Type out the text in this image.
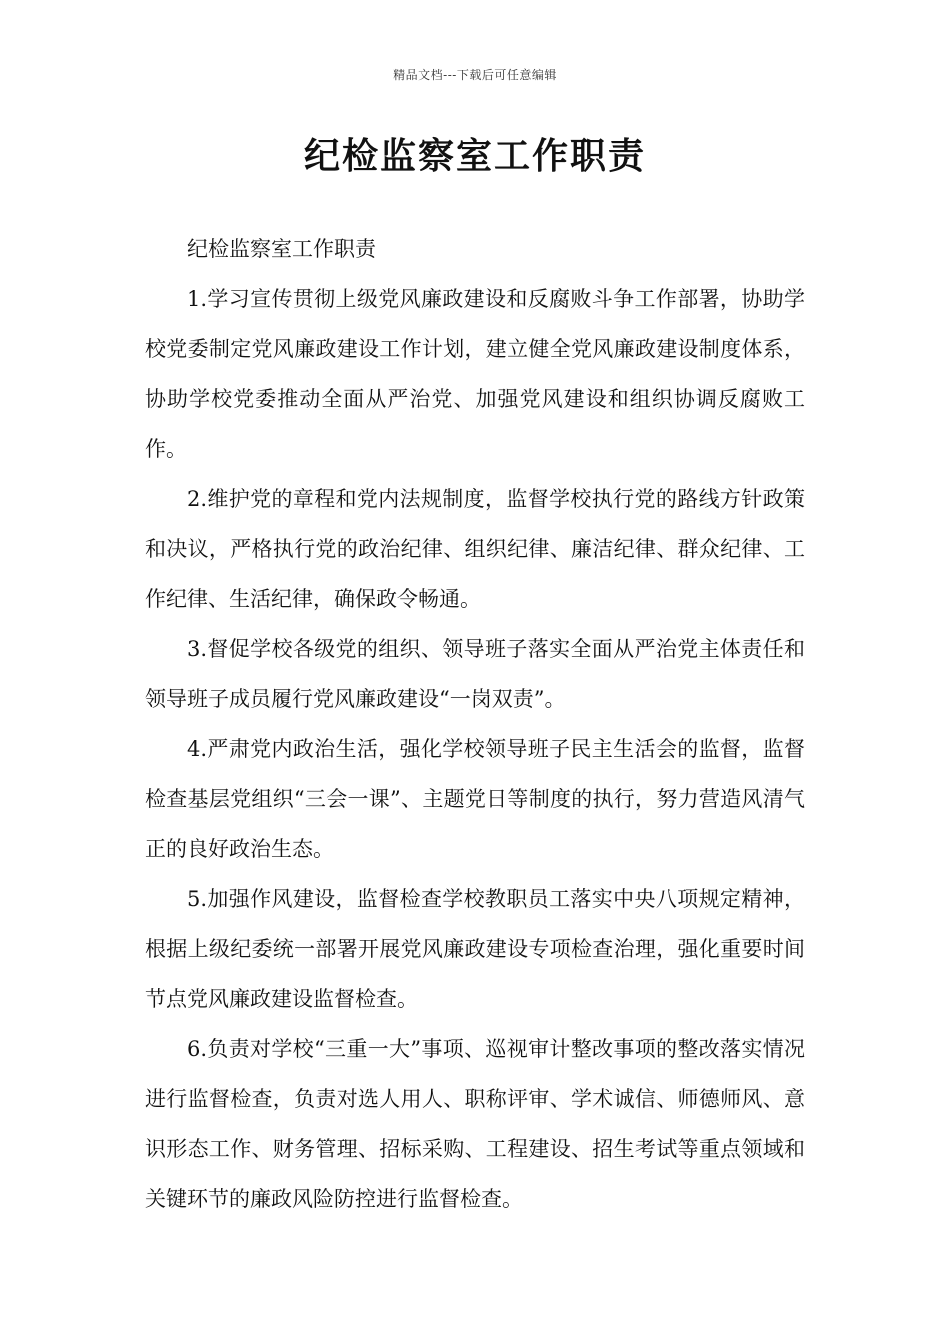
精品文档---下载后可任意编辑
纪检监察室工作职责

纪检监察室工作职责

1.学习宣传贯彻上级党风廉政建设和反腐败斗争工作部署，协助学校党委制定党风廉政建设工作计划，建立健全党风廉政建设制度体系，协助学校党委推动全面从严治党、加强党风建设和组织协调反腐败工作。

2.维护党的章程和党内法规制度，监督学校执行党的路线方针政策和决议，严格执行党的政治纪律、组织纪律、廉洁纪律、群众纪律、工作纪律、生活纪律，确保政令畅通。

3.督促学校各级党的组织、领导班子落实全面从严治党主体责任和领导班子成员履行党风廉政建设“一岗双责”。

4.严肃党内政治生活，强化学校领导班子民主生活会的监督，监督检查基层党组织“三会一课”、主题党日等制度的执行，努力营造风清气正的良好政治生态。

5.加强作风建设，监督检查学校教职员工落实中央八项规定精神，根据上级纪委统一部署开展党风廉政建设专项检查治理，强化重要时间节点党风廉政建设监督检查。

6.负责对学校“三重一大”事项、巡视审计整改事项的整改落实情况进行监督检查，负责对选人用人、职称评审、学术诚信、师德师风、意识形态工作、财务管理、招标采购、工程建设、招生考试等重点领域和关键环节的廉政风险防控进行监督检查。
